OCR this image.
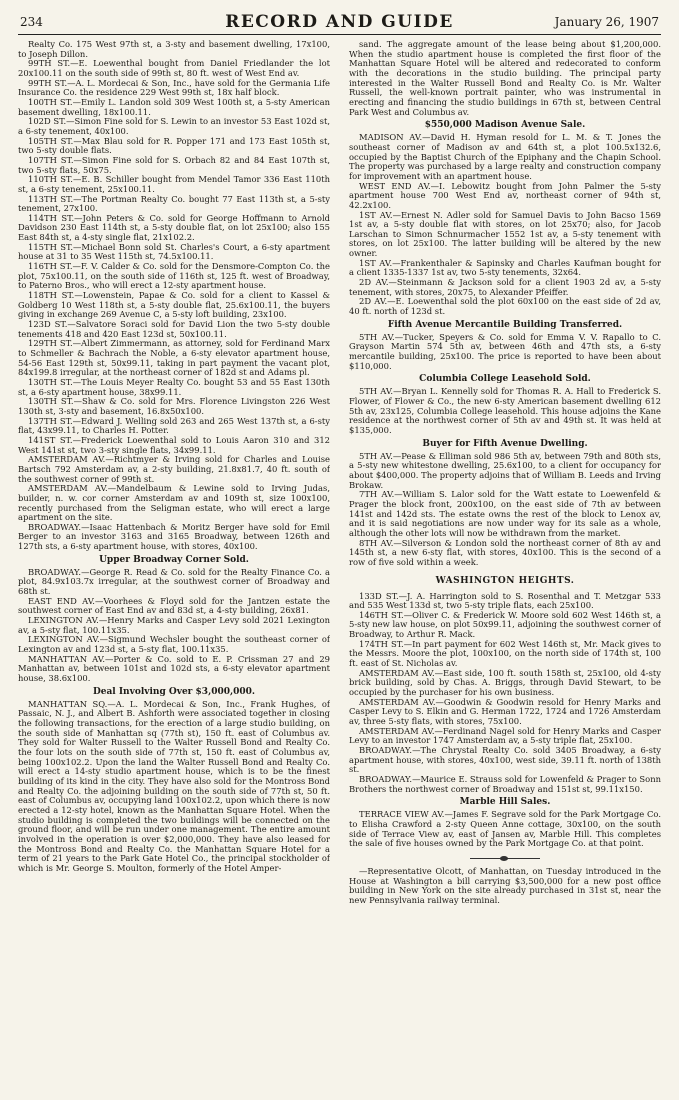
234	RECORD AND GUIDE	January 26, 1907

Realty Co. 175 West 97th st, a 3-sty and basement dwelling, 17x100, to Joseph Dillon.

99TH ST.—E. Loewenthal bought from Daniel Friedlander the lot 20x100.11 on the south side of 99th st, 80 ft. west of West End av.

99TH ST.—A. L. Mordecai & Son, Inc., have sold for the Germania Life Insurance Co. the residence 229 West 99th st, 18x half block.

100TH ST.—Emily L. Landon sold 309 West 100th st, a 5-sty American basement dwelling, 18x100.11.

102D ST.—Simon Fine sold for S. Lewin to an investor 53 East 102d st, a 6-sty tenement, 40x100.

105TH ST.—Max Blau sold for R. Popper 171 and 173 East 105th st, two 5-sty double flats.

107TH ST.—Simon Fine sold for S. Orbach 82 and 84 East 107th st, two 5-sty flats, 50x75.

110TH ST.—E. B. Schiller bought from Mendel Tamor 336 East 110th st, a 6-sty tenement, 25x100.11.

113TH ST.—The Portman Realty Co. bought 77 East 113th st, a 5-sty tenement, 27x100.

114TH ST.—John Peters & Co. sold for George Hoffmann to Arnold Davidson 230 East 114th st, a 5-sty double flat, on lot 25x100; also 155 East 84th st, a 4-sty single flat, 21x102.2.

115TH ST.—Michael Bonn sold St. Charles's Court, a 6-sty apartment house at 31 to 35 West 115th st, 74.5x100.11.

116TH ST.—F. V. Calder & Co. sold for the Densmore-Compton Co. the plot, 75x100.11, on the south side of 116th st, 125 ft. west of Broadway, to Paterno Bros., who will erect a 12-sty apartment house.

118TH ST.—Lowenstein, Papae & Co. sold for a client to Kassel & Goldberg 10 West 118th st, a 5-sty double flat, 25.6x100.11, the buyers giving in exchange 269 Avenue C, a 5-sty loft building, 23x100.

123D ST.—Salvatore Soraci sold for David Lion the two 5-sty double tenements 418 and 420 East 123d st, 50x100.11.

129TH ST.—Albert Zimmermann, as attorney, sold for Ferdinand Marx to Schmeller & Bachrach the Noble, a 6-sty elevator apartment house, 54-56 East 129th st, 50x99.11, taking in part payment the vacant plot, 84x199.8 irregular, at the northeast corner of 182d st and Adams pl.

130TH ST.—The Louis Meyer Realty Co. bought 53 and 55 East 130th st, a 6-sty apartment house, 38x99.11.

130TH ST.—Shaw & Co. sold for Mrs. Florence Livingston 226 West 130th st, 3-sty and basement, 16.8x50x100.

137TH ST.—Edward J. Welling sold 263 and 265 West 137th st, a 6-sty flat, 43x99.11, to Charles H. Potter.

141ST ST.—Frederick Loewenthal sold to Louis Aaron 310 and 312 West 141st st, two 3-sty single flats, 34x99.11.

AMSTERDAM AV.—Richtmyer & Irving sold for Charles and Louise Bartsch 792 Amsterdam av, a 2-sty building, 21.8x81.7, 40 ft. south of the southwest corner of 99th st.

AMSTERDAM AV.—Mandelbaum & Lewine sold to Irving Judas, builder, n. w. cor corner Amsterdam av and 109th st, size 100x100, recently purchased from the Seligman estate, who will erect a large apartment on the site.

BROADWAY.—Isaac Hattenbach & Moritz Berger have sold for Emil Berger to an investor 3163 and 3165 Broadway, between 126th and 127th sts, a 6-sty apartment house, with stores, 40x100.

Upper Broadway Corner Sold.

BROADWAY.—George R. Read & Co. sold for the Realty Finance Co. a plot, 84.9x103.7x irregular, at the southwest corner of Broadway and 68th st.

EAST END AV.—Voorhees & Floyd sold for the Jantzen estate the southwest corner of East End av and 83d st, a 4-sty building, 26x81.

LEXINGTON AV.—Henry Marks and Casper Levy sold 2021 Lexington av, a 5-sty flat, 100.11x35.

LEXINGTON AV.—Sigmund Wechsler bought the southeast corner of Lexington av and 123d st, a 5-sty flat, 100.11x35.

MANHATTAN AV.—Porter & Co. sold to E. P. Crissman 27 and 29 Manhattan av, between 101st and 102d sts, a 6-sty elevator apartment house, 38.6x100.

Deal Involving Over $3,000,000.

MANHATTAN SQ.—A. L. Mordecai & Son, Inc., Frank Hughes, of Passaic, N. J., and Albert B. Ashforth were associated together in closing the following transactions, for the erection of a large studio building, on the south side of Manhattan sq (77th st), 150 ft. east of Columbus av. They sold for Walter Russell to the Walter Russell Bond and Realty Co. the four lots on the south side of 77th st, 150 ft. east of Columbus av, being 100x102.2. Upon the land the Walter Russell Bond and Realty Co. will erect a 14-sty studio apartment house, which is to be the finest building of its kind in the city. They have also sold for the Montross Bond and Realty Co. the adjoining building on the south side of 77th st, 50 ft. east of Columbus av, occupying land 100x102.2, upon which there is now erected a 12-sty hotel, known as the Manhattan Square Hotel. When the studio building is completed the two buildings will be connected on the ground floor, and will be run under one management. The entire amount involved in the operation is over $2,000,000. They have also leased for the Montross Bond and Realty Co. the Manhattan Square Hotel for a term of 21 years to the Park Gate Hotel Co., the principal stockholder of which is Mr. George S. Moulton, formerly of the Hotel Amper-

sand. The aggregate amount of the lease being about $1,200,000. When the studio apartment house is completed the first floor of the Manhattan Square Hotel will be altered and redecorated to conform with the decorations in the studio building. The principal party interested in the Walter Russell Bond and Realty Co. is Mr. Walter Russell, the well-known portrait painter, who was instrumental in erecting and financing the studio buildings in 67th st, between Central Park West and Columbus av.

$550,000 Madison Avenue Sale.

MADISON AV.—David H. Hyman resold for L. M. & T. Jones the southeast corner of Madison av and 64th st, a plot 100.5x132.6, occupied by the Baptist Church of the Epiphany and the Chapin School. The property was purchased by a large realty and construction company for improvement with an apartment house.

WEST END AV.—I. Lebowitz bought from John Palmer the 5-sty apartment house 700 West End av, northeast corner of 94th st, 42.2x100.

1ST AV.—Ernest N. Adler sold for Samuel Davis to John Bacso 1569 1st av, a 5-sty double flat with stores, on lot 25x70; also, for Jacob Larschan to Simon Schnurmacher 1552 1st av, a 5-sty tenement with stores, on lot 25x100. The latter building will be altered by the new owner.

1ST AV.—Frankenthaler & Sapinsky and Charles Kaufman bought for a client 1335-1337 1st av, two 5-sty tenements, 32x64.

2D AV.—Steinmann & Jackson sold for a client 1903 2d av, a 5-sty tenement, with stores, 20x75, to Alexander Pfeiffer.

2D AV.—E. Loewenthal sold the plot 60x100 on the east side of 2d av, 40 ft. north of 123d st.

Fifth Avenue Mercantile Building Transferred.

5TH AV.—Tucker, Speyers & Co. sold for Emma V. V. Rapallo to C. Grayson Martin 574 5th av, between 46th and 47th sts, a 6-sty mercantile building, 25x100. The price is reported to have been about $110,000.

Columbia College Leasehold Sold.

5TH AV.—Bryan L. Kennelly sold for Thomas R. A. Hall to Frederick S. Flower, of Flower & Co., the new 6-sty American basement dwelling 612 5th av, 23x125, Columbia College leasehold. This house adjoins the Kane residence at the northwest corner of 5th av and 49th st. It was held at $135,000.

Buyer for Fifth Avenue Dwelling.

5TH AV.—Pease & Elliman sold 986 5th av, between 79th and 80th sts, a 5-sty new whitestone dwelling, 25.6x100, to a client for occupancy for about $400,000. The property adjoins that of William B. Leeds and Irving Brokaw.

7TH AV.—William S. Lalor sold for the Watt estate to Loewenfeld & Prager the block front, 200x100, on the east side of 7th av between 141st and 142d sts. The estate owns the rest of the block to Lenox av, and it is said negotiations are now under way for its sale as a whole, although the other lots will now be withdrawn from the market.

8TH AV.—Silverson & London sold the northeast corner of 8th av and 145th st, a new 6-sty flat, with stores, 40x100. This is the second of a row of five sold within a week.

WASHINGTON HEIGHTS.

133D ST.—J. A. Harrington sold to S. Rosenthal and T. Metzgar 533 and 535 West 133d st, two 5-sty triple flats, each 25x100.

146TH ST.—Oliver C. & Frederick W. Moore sold 602 West 146th st, a 5-sty new law house, on plot 50x99.11, adjoining the southwest corner of Broadway, to Arthur R. Mack.

174TH ST.—In part payment for 602 West 146th st, Mr. Mack gives to the Messrs. Moore the plot, 100x100, on the north side of 174th st, 100 ft. east of St. Nicholas av.

AMSTERDAM AV.—East side, 100 ft. south 158th st, 25x100, old 4-sty brick building, sold by Chas. A. Briggs, through David Stewart, to be occupied by the purchaser for his own business.

AMSTERDAM AV.—Goodwin & Goodwin resold for Henry Marks and Casper Levy to S. Elkin and G. Herman 1722, 1724 and 1726 Amsterdam av, three 5-sty flats, with stores, 75x100.

AMSTERDAM AV.—Ferdinand Nagel sold for Henry Marks and Casper Levy to an investor 1747 Amsterdam av, a 5-sty triple flat, 25x100.

BROADWAY.—The Chrystal Realty Co. sold 3405 Broadway, a 6-sty apartment house, with stores, 40x100, west side, 39.11 ft. north of 138th st.

BROADWAY.—Maurice E. Strauss sold for Lowenfeld & Prager to Sonn Brothers the northwest corner of Broadway and 151st st, 99.11x150.

Marble Hill Sales.

TERRACE VIEW AV.—James F. Segrave sold for the Park Mortgage Co. to Elisha Crawford a 2-sty Queen Anne cottage, 30x100, on the south side of Terrace View av, east of Jansen av, Marble Hill. This completes the sale of five houses owned by the Park Mortgage Co. at that point.

—Representative Olcott, of Manhattan, on Tuesday introduced in the House at Washington a bill carrying $3,500,000 for a new post office building in New York on the site already purchased in 31st st, near the new Pennsylvania railway terminal.
